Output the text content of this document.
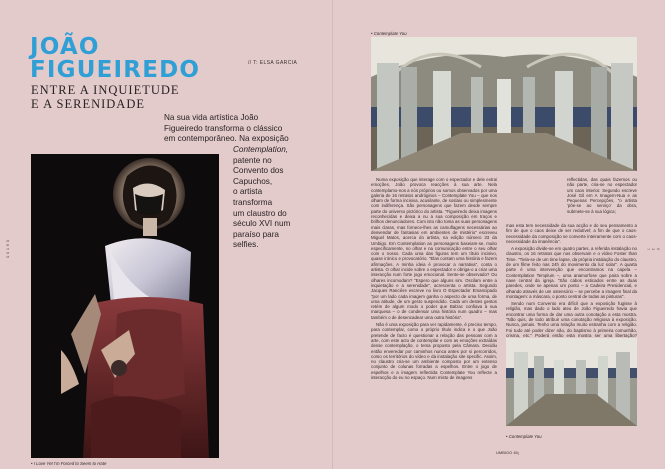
0 0 1 6 0
JOÃO
FIGUEIREDO	// T: ELSA GARCIA
ENTRE A INQUIETUDE
E A SERENIDADE
Na sua vida artística João
Figueiredo transforma o clássico
em contemporâneo. Na exposição
Contemplation,
patente no
Convento dos
Capuchos,
o artista
transforma
um claustro do
século XVI num
paraíso para
selfies.
• I Love Yet I'm Forced to Seem to Hate
• Contemplate You
0 1 7

Numa exposição que interage com o espectador e dele extrai emoções, João provoca reacções à sua arte. Nela contemplamo-nos a nós próprios ou somos observados por uma galeria de 16 retratos andróginos – Contemplate You – que nos olham de forma incisiva, acusilante, de soslaio ou simplesmente com indiferença. São personagens que fazem desde sempre parte do universo pictórico do artista. "Figueiredo deixa imagens reconhecidas e deixa a nu a sua composição em traços e brilhos denunciadores. Com isto não toma as suas personagens mais claras, mas fornece-lhes as camuflagens necessárias ao desvendar de fantasias em ambientes de mistério" escreveu Miguel Matos, acerca do artista, na edição número 33 da Umbigo. Em Contemplation as personagens baseiam-se, muito especificamente, no olhar e na comunicação entre o seu olhar com o nosso. Cada uma das figuras tem um título incisivo, quase irónico e provocatório. "Elas contam uma história e fazem afirmações. A minha ideia é provocar a narrativa", conta o artista. O olhar incide sobre o espectador e obriga-o a criar uma interacção num forte jogo emocional. Sente-se observado? Ou olhares incomodam? "Espero que alguns sim. Oscilam entre a inquietação e a serenidade", acrescenta o artista. Segundo Jacques Rancière escreve no livro O Espectador Emancipado "por um lado cada imagem ganha o aspecto de uma forma, de uma atitude, de um gesto suspendido. Cada um destes gestos retém de algum modo o poder que Balzac confiava à sua marquesa – o de condensar uma história num quadro – mas também o de desencadear uma outra história".

Não é uma exposição para ver rapidamente, é preciso tempo, para contemplar, como o próprio título indica e o que João pretende de facto é questionar a relação das pessoas com a arte, com este acto de contemplar e com as emoções extraídas desse contemplação, o tema proposto pela Câmara. Decidiu então enveredar por caminhos nunca antes por si percorridos, como os territórios do vídeo e da instalação site specific. Assim, no claustro cria-se um ambiente composto por um extenso conjunto de colunas forradas a espelhos. Entre o jogo de espelhos e a imagem reflectida Contemplate You reflecte a interacção do eu no espaço. Num misto de imagens

reflectidas, das quais fazemos ou não parte, cria-se no espectador um caos interior. Segundo escreve José Gil em A Imagem-Nua e as Pequenas Percepções, "o artista 'põe-se ao serviço' da obra, submete-se à sua lógica;

mas esta tem necessidade da sua acção e do seu pensamento a fim de que o caos deixe de ser redutível; a fim de que o caos-necessidade da composição se converte inteiramente com o caos-necessidade da imanência".

A exposição divide-se em quatro partes, a referida instalação no claustro, os 16 retratos que nos observam e o vídeo Foster than Time. "Tiela-se de um time lapse, da própria instalação do claustro, de um filme feito nas 24h do movimento da luz solar". A quarta parte é uma intervenção que encontramos na capela – Contemplation Templum –, uma anamorfose que paira sobre a nave central da igreja. "São cabos esticados entre as duas paredes, onde se apenas um ponto – a Cadeira Presidencial, e olhando através de um ostensório – se percebe a imagem final da montagem: a máscara, o ponto central de todas as pinturas".

Sendo num Convento era difícil que a exposição fugisse à religião, mas dado o lado ateu de João Figueiredo havia que encontrar uma forma de dar uma outra conotação a esta mostra. "Não quis, de todo atribuir uma conotação religiosa à exposição. Nunca, jamais. Tenho uma relação muito estranha com a religião. Foi tudo até poder dizer não, do baptismo à primeira comunhão, crisma, etc." Poderá então esta mostra ser uma libertação?

• Contemplate You
UMBIGO 45₂
